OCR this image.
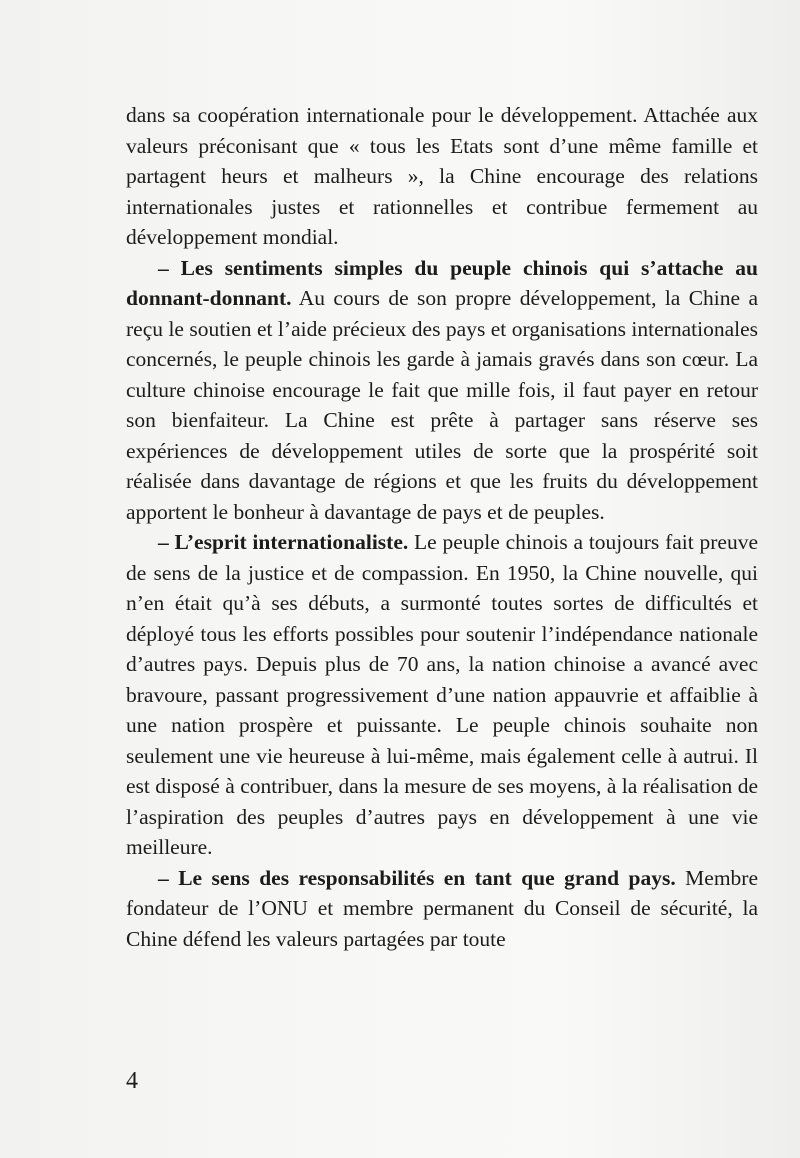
dans sa coopération internationale pour le développement. Attachée aux valeurs préconisant que « tous les Etats sont d’une même famille et partagent heurs et malheurs », la Chine encourage des relations internationales justes et rationnelles et contribue fermement au développement mondial.

– Les sentiments simples du peuple chinois qui s’attache au donnant-donnant. Au cours de son propre développement, la Chine a reçu le soutien et l’aide précieux des pays et organisations internationales concernés, le peuple chinois les garde à jamais gravés dans son cœur. La culture chinoise encourage le fait que mille fois, il faut payer en retour son bienfaiteur. La Chine est prête à partager sans réserve ses expériences de développement utiles de sorte que la prospérité soit réalisée dans davantage de régions et que les fruits du développement apportent le bonheur à davantage de pays et de peuples.

– L’esprit internationaliste. Le peuple chinois a toujours fait preuve de sens de la justice et de compassion. En 1950, la Chine nouvelle, qui n’en était qu’à ses débuts, a surmonté toutes sortes de difficultés et déployé tous les efforts possibles pour soutenir l’indépendance nationale d’autres pays. Depuis plus de 70 ans, la nation chinoise a avancé avec bravoure, passant progressivement d’une nation appauvrie et affaiblie à une nation prospère et puissante. Le peuple chinois souhaite non seulement une vie heureuse à lui-même, mais également celle à autrui. Il est disposé à contribuer, dans la mesure de ses moyens, à la réalisation de l’aspiration des peuples d’autres pays en développement à une vie meilleure.

– Le sens des responsabilités en tant que grand pays. Membre fondateur de l’ONU et membre permanent du Conseil de sécurité, la Chine défend les valeurs partagées par toute

4
